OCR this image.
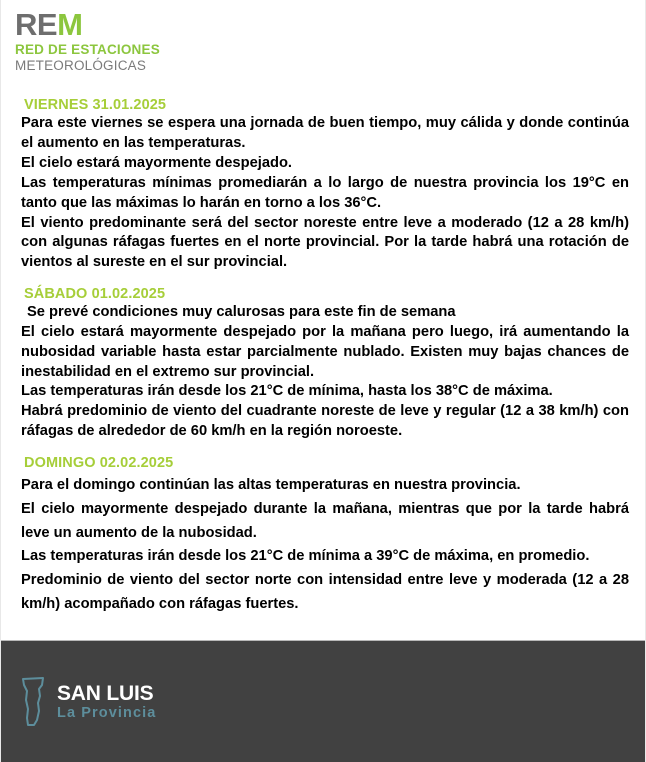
REM
RED DE ESTACIONES
METEOROLÓGICAS
VIERNES 31.01.2025

Para este viernes se espera una jornada de buen tiempo, muy cálida y donde continúa el aumento en las temperaturas.

El cielo estará mayormente despejado.

Las temperaturas mínimas promediarán a lo largo de nuestra provincia los 19°C en tanto que las máximas lo harán en torno a los 36°C.

El viento predominante será del sector noreste entre leve a moderado (12 a 28 km/h) con algunas ráfagas fuertes en el norte provincial. Por la tarde habrá una rotación de vientos al sureste en el sur provincial.

SÁBADO 01.02.2025

Se prevé condiciones muy calurosas para este fin de semana

El cielo estará mayormente despejado por la mañana pero luego, irá aumentando la nubosidad variable hasta estar parcialmente nublado. Existen muy bajas chances de inestabilidad en el extremo sur provincial.

Las temperaturas irán desde los 21°C de mínima, hasta los 38°C de máxima.

Habrá predominio de viento del cuadrante noreste de leve y regular (12 a 38 km/h) con ráfagas de alrededor de 60 km/h en la región noroeste.

DOMINGO 02.02.2025

Para el domingo continúan las altas temperaturas en nuestra provincia.

El cielo mayormente despejado durante la mañana, mientras que por la tarde habrá leve un aumento de la nubosidad.

Las temperaturas irán desde los 21°C de mínima a 39°C de máxima, en promedio.

Predominio de viento del sector norte con intensidad entre leve y moderada (12 a 28 km/h) acompañado con ráfagas fuertes.

SAN LUIS
La Provincia
